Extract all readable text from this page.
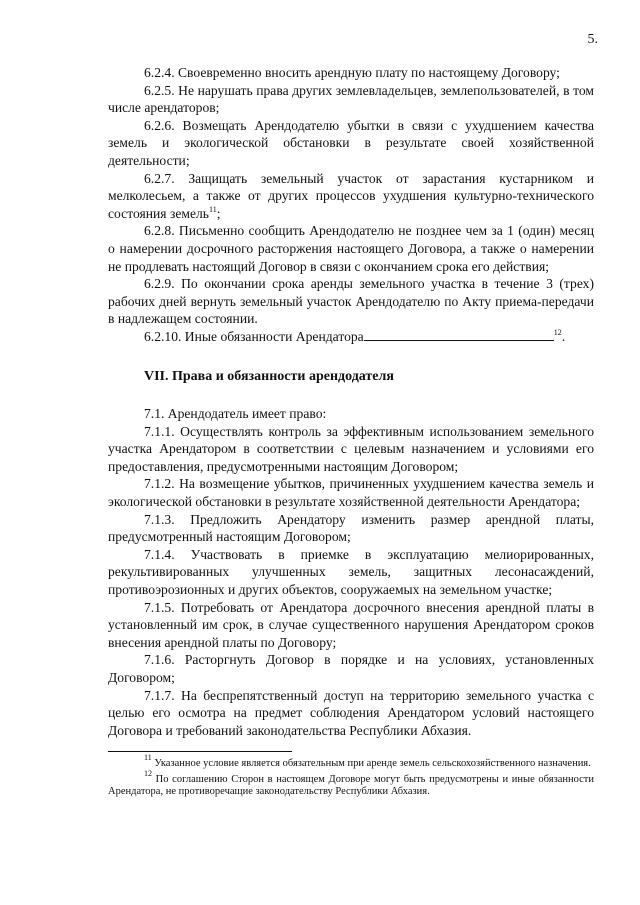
5.

6.2.4. Своевременно вносить арендную плату по настоящему Договору;

6.2.5. Не нарушать права других землевладельцев, землепользователей, в том числе арендаторов;

6.2.6. Возмещать Арендодателю убытки в связи с ухудшением качества земель и экологической обстановки в результате своей хозяйственной деятельности;

6.2.7. Защищать земельный участок от зарастания кустарником и мелколесьем, а также от других процессов ухудшения культурно-технического состояния земель$^{11}$;

6.2.8. Письменно сообщить Арендодателю не позднее чем за 1 (один) месяц о намерении досрочного расторжения настоящего Договора, а также о намерении не продлевать настоящий Договор в связи с окончанием срока его действия;

6.2.9. По окончании срока аренды земельного участка в течение 3 (трех) рабочих дней вернуть земельный участок Арендодателю по Акту приема-передачи в надлежащем состоянии.

6.2.10. Иные обязанности Арендатора	$^{12}$.

VII. Права и обязанности арендодателя

7.1. Арендодатель имеет право:

7.1.1. Осуществлять контроль за эффективным использованием земельного участка Арендатором в соответствии с целевым назначением и условиями его предоставления, предусмотренными настоящим Договором;

7.1.2. На возмещение убытков, причиненных ухудшением качества земель и экологической обстановки в результате хозяйственной деятельности Арендатора;

7.1.3. Предложить Арендатору изменить размер арендной платы, предусмотренный настоящим Договором;

7.1.4. Участвовать в приемке в эксплуатацию мелиорированных, рекультивированных улучшенных земель, защитных лесонасаждений, противоэрозионных и других объектов, сооружаемых на земельном участке;

7.1.5. Потребовать от Арендатора досрочного внесения арендной платы в установленный им срок, в случае существенного нарушения Арендатором сроков внесения арендной платы по Договору;

7.1.6. Расторгнуть Договор в порядке и на условиях, установленных Договором;

7.1.7. На беспрепятственный доступ на территорию земельного участка с целью его осмотра на предмет соблюдения Арендатором условий настоящего Договора и требований законодательства Республики Абхазия.

$^{11}$ Указанное условие является обязательным при аренде земель сельскохозяйственного назначения.

$^{12}$ По соглашению Сторон в настоящем Договоре могут быть предусмотрены и иные обязанности Арендатора, не противоречащие законодательству Республики Абхазия.
